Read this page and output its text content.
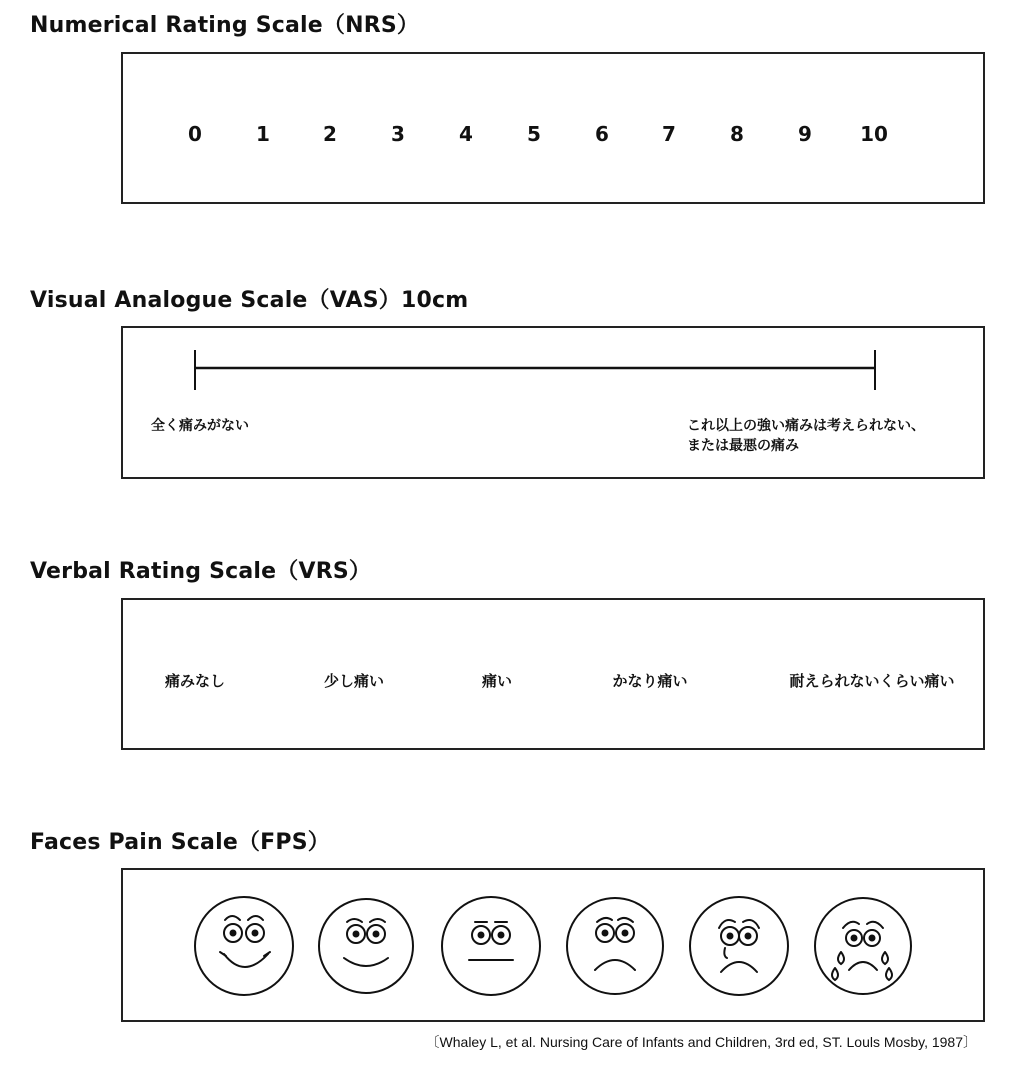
Numerical Rating Scale（NRS）
0	1	2	3	4	5	6	7	8	9 10
Visual Analogue Scale（VAS）10cm
全く痛みがない	これ以上の強い痛みは考えられない、
または最悪の痛み
Verbal Rating Scale（VRS）
痛みなし	少し痛い	痛い	かなり痛い	耐えられないくらい痛い
Faces Pain Scale（FPS）
〔Whaley L, et al. Nursing Care of Infants and Children, 3rd ed, ST. Louls Mosby, 1987〕
